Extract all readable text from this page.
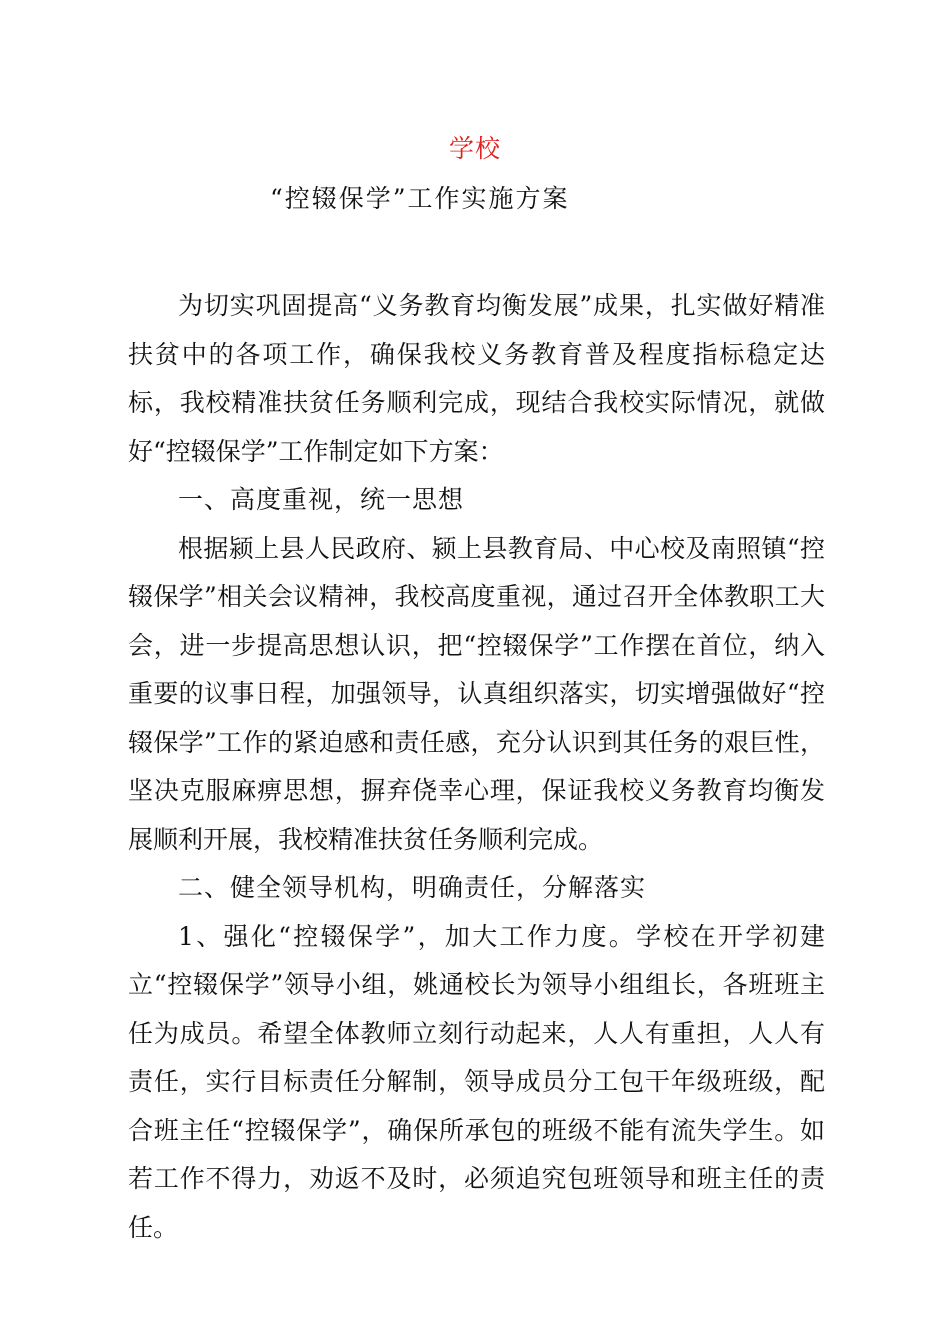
学校
“控辍保学”工作实施方案

为切实巩固提高“义务教育均衡发展”成果，扎实做好精准扶贫中的各项工作，确保我校义务教育普及程度指标稳定达标，我校精准扶贫任务顺利完成，现结合我校实际情况，就做好“控辍保学”工作制定如下方案：

一、高度重视，统一思想

根据颍上县人民政府、颍上县教育局、中心校及南照镇“控辍保学”相关会议精神，我校高度重视，通过召开全体教职工大会，进一步提高思想认识，把“控辍保学”工作摆在首位，纳入重要的议事日程，加强领导，认真组织落实，切实增强做好“控辍保学”工作的紧迫感和责任感，充分认识到其任务的艰巨性，坚决克服麻痹思想，摒弃侥幸心理，保证我校义务教育均衡发展顺利开展，我校精准扶贫任务顺利完成。

二、健全领导机构，明确责任，分解落实

1、强化“控辍保学”，加大工作力度。学校在开学初建立“控辍保学”领导小组，姚通校长为领导小组组长，各班班主任为成员。希望全体教师立刻行动起来，人人有重担，人人有责任，实行目标责任分解制，领导成员分工包干年级班级，配合班主任“控辍保学”，确保所承包的班级不能有流失学生。如若工作不得力，劝返不及时，必须追究包班领导和班主任的责任。
